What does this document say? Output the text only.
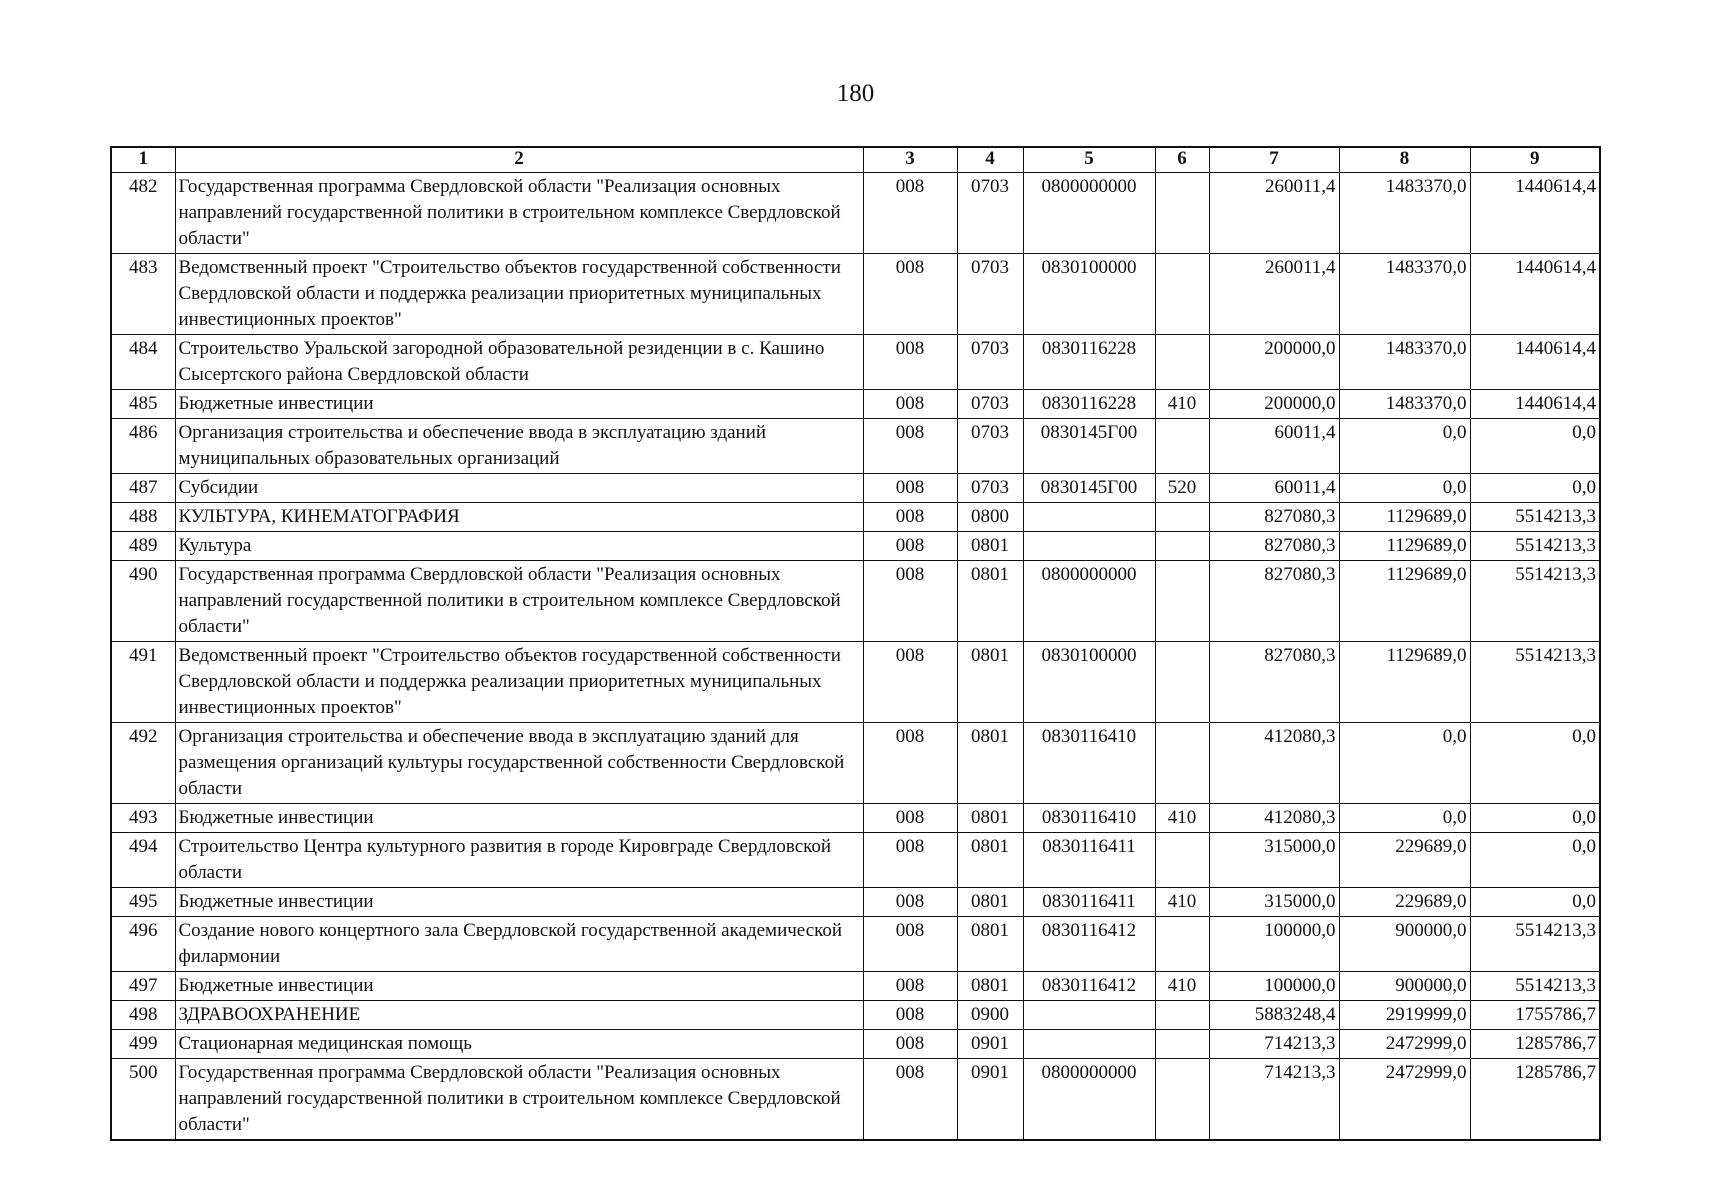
180
1	2	3	4	5	6	7	8	9
482	Государственная программа Свердловской области "Реализация основных направлений государственной политики в строительном комплексе Свердловской области"	008	0703	0800000000		260011,4	1483370,0	1440614,4
483	Ведомственный проект "Строительство объектов государственной собственности Свердловской области и поддержка реализации приоритетных муниципальных инвестиционных проектов"	008	0703	0830100000		260011,4	1483370,0	1440614,4
484	Строительство Уральской загородной образовательной резиденции в с. Кашино Сысертского района Свердловской области	008	0703	0830116228		200000,0	1483370,0	1440614,4
485	Бюджетные инвестиции	008	0703	0830116228	410	200000,0	1483370,0	1440614,4
486	Организация строительства и обеспечение ввода в эксплуатацию зданий муниципальных образовательных организаций	008	0703	0830145Г00		60011,4	0,0	0,0
487	Субсидии	008	0703	0830145Г00	520	60011,4	0,0	0,0
488	КУЛЬТУРА, КИНЕМАТОГРАФИЯ	008	0800			827080,3	1129689,0	5514213,3
489	Культура	008	0801			827080,3	1129689,0	5514213,3
490	Государственная программа Свердловской области "Реализация основных направлений государственной политики в строительном комплексе Свердловской области"	008	0801	0800000000		827080,3	1129689,0	5514213,3
491	Ведомственный проект "Строительство объектов государственной собственности Свердловской области и поддержка реализации приоритетных муниципальных инвестиционных проектов"	008	0801	0830100000		827080,3	1129689,0	5514213,3
492	Организация строительства и обеспечение ввода в эксплуатацию зданий для размещения организаций культуры государственной собственности Свердловской области	008	0801	0830116410		412080,3	0,0	0,0
493	Бюджетные инвестиции	008	0801	0830116410	410	412080,3	0,0	0,0
494	Строительство Центра культурного развития в городе Кировграде Свердловской области	008	0801	0830116411		315000,0	229689,0	0,0
495	Бюджетные инвестиции	008	0801	0830116411	410	315000,0	229689,0	0,0
496	Создание нового концертного зала Свердловской государственной академической филармонии	008	0801	0830116412		100000,0	900000,0	5514213,3
497	Бюджетные инвестиции	008	0801	0830116412	410	100000,0	900000,0	5514213,3
498	ЗДРАВООХРАНЕНИЕ	008	0900			5883248,4	2919999,0	1755786,7
499	Стационарная медицинская помощь	008	0901			714213,3	2472999,0	1285786,7
500	Государственная программа Свердловской области "Реализация основных направлений государственной политики в строительном комплексе Свердловской области"	008	0901	0800000000		714213,3	2472999,0	1285786,7
